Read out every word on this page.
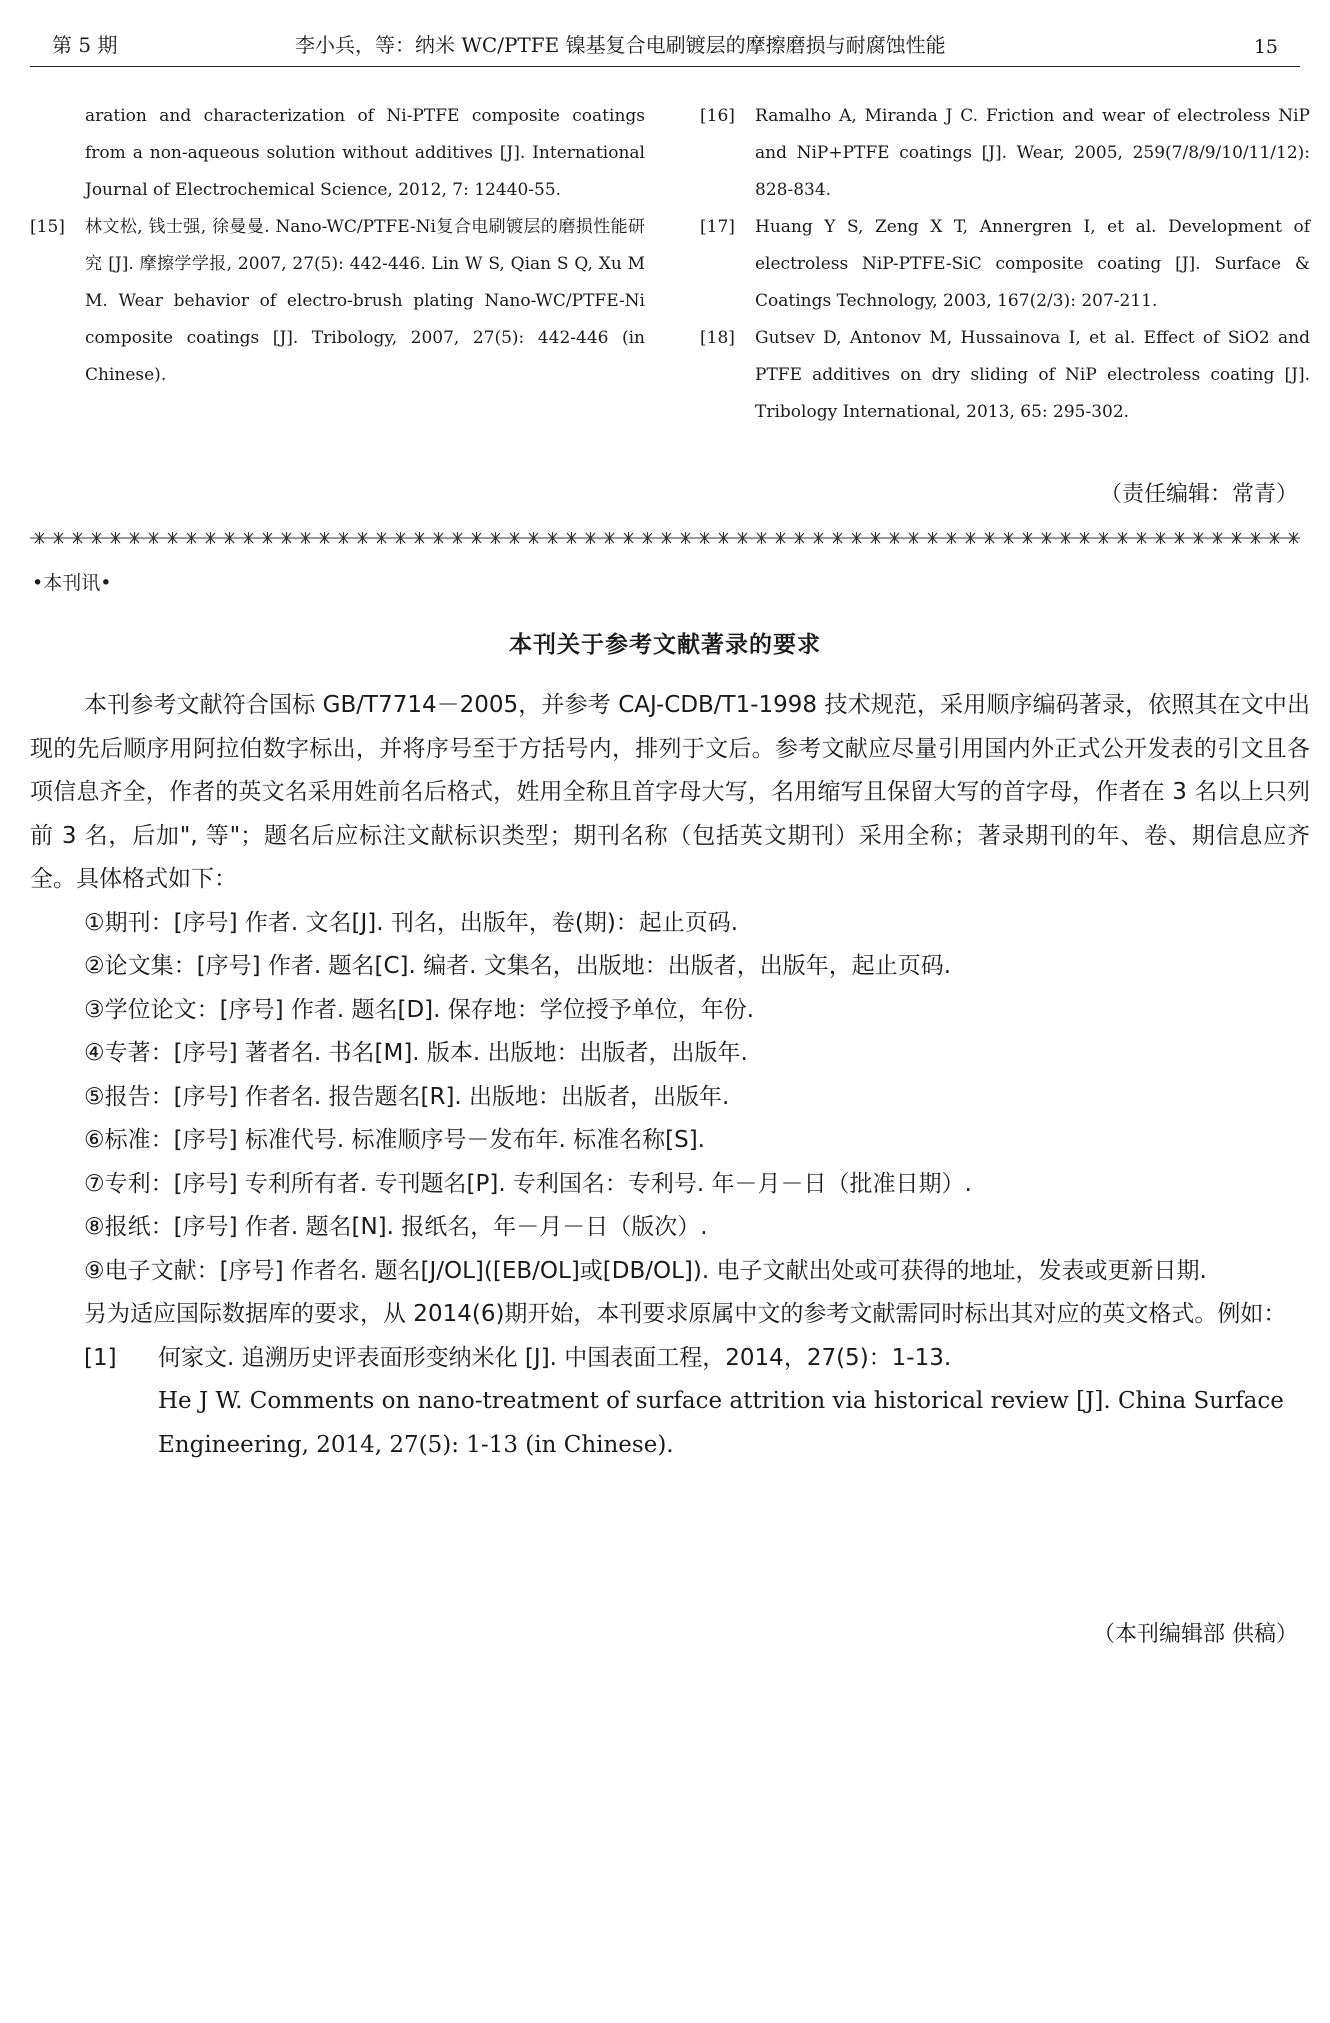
第 5 期	李小兵，等：纳米 WC/PTFE 镍基复合电刷镀层的摩擦磨损与耐腐蚀性能	15
aration and characterization of Ni-PTFE composite coatings from a non-aqueous solution without additives [J]. International Journal of Electrochemical Science, 2012, 7: 12440-55.
[15] 林文松, 钱士强, 徐曼曼. Nano-WC/PTFE-Ni复合电刷镀层的磨损性能研究 [J]. 摩擦学学报, 2007, 27(5): 442-446. Lin W S, Qian S Q, Xu M M. Wear behavior of electro-brush plating Nano-WC/PTFE-Ni composite coatings [J]. Tribology, 2007, 27(5): 442-446 (in Chinese).
[16] Ramalho A, Miranda J C. Friction and wear of electroless NiP and NiP+PTFE coatings [J]. Wear, 2005, 259(7/8/9/10/11/12): 828-834.
[17] Huang Y S, Zeng X T, Annergren I, et al. Development of electroless NiP-PTFE-SiC composite coating [J]. Surface & Coatings Technology, 2003, 167(2/3): 207-211.
[18] Gutsev D, Antonov M, Hussainova I, et al. Effect of SiO2 and PTFE additives on dry sliding of NiP electroless coating [J]. Tribology International, 2013, 65: 295-302.
（责任编辑：常青）
•本刊讯•
本刊关于参考文献著录的要求

本刊参考文献符合国标 GB/T7714－2005，并参考 CAJ-CDB/T1-1998 技术规范，采用顺序编码著录，依照其在文中出现的先后顺序用阿拉伯数字标出，并将序号至于方括号内，排列于文后。参考文献应尽量引用国内外正式公开发表的引文且各项信息齐全，作者的英文名采用姓前名后格式，姓用全称且首字母大写，名用缩写且保留大写的首字母，作者在 3 名以上只列前 3 名，后加", 等"；题名后应标注文献标识类型；期刊名称（包括英文期刊）采用全称；著录期刊的年、卷、期信息应齐全。具体格式如下：

①期刊：[序号] 作者. 文名[J]. 刊名，出版年，卷(期)：起止页码.

②论文集：[序号] 作者. 题名[C]. 编者. 文集名，出版地：出版者，出版年，起止页码.

③学位论文：[序号] 作者. 题名[D]. 保存地：学位授予单位，年份.

④专著：[序号] 著者名. 书名[M]. 版本. 出版地：出版者，出版年.

⑤报告：[序号] 作者名. 报告题名[R]. 出版地：出版者，出版年.

⑥标准：[序号] 标准代号. 标准顺序号－发布年. 标准名称[S].

⑦专利：[序号] 专利所有者. 专刊题名[P]. 专利国名：专利号. 年－月－日（批准日期）.

⑧报纸：[序号] 作者. 题名[N]. 报纸名，年－月－日（版次）.

⑨电子文献：[序号] 作者名. 题名[J/OL]([EB/OL]或[DB/OL]). 电子文献出处或可获得的地址，发表或更新日期.

另为适应国际数据库的要求，从 2014(6)期开始，本刊要求原属中文的参考文献需同时标出其对应的英文格式。例如：

[1] 何家文. 追溯历史评表面形变纳米化 [J]. 中国表面工程，2014，27(5)：1-13.
He J W. Comments on nano-treatment of surface attrition via historical review [J]. China Surface Engineering, 2014, 27(5): 1-13 (in Chinese).
（本刊编辑部 供稿）
